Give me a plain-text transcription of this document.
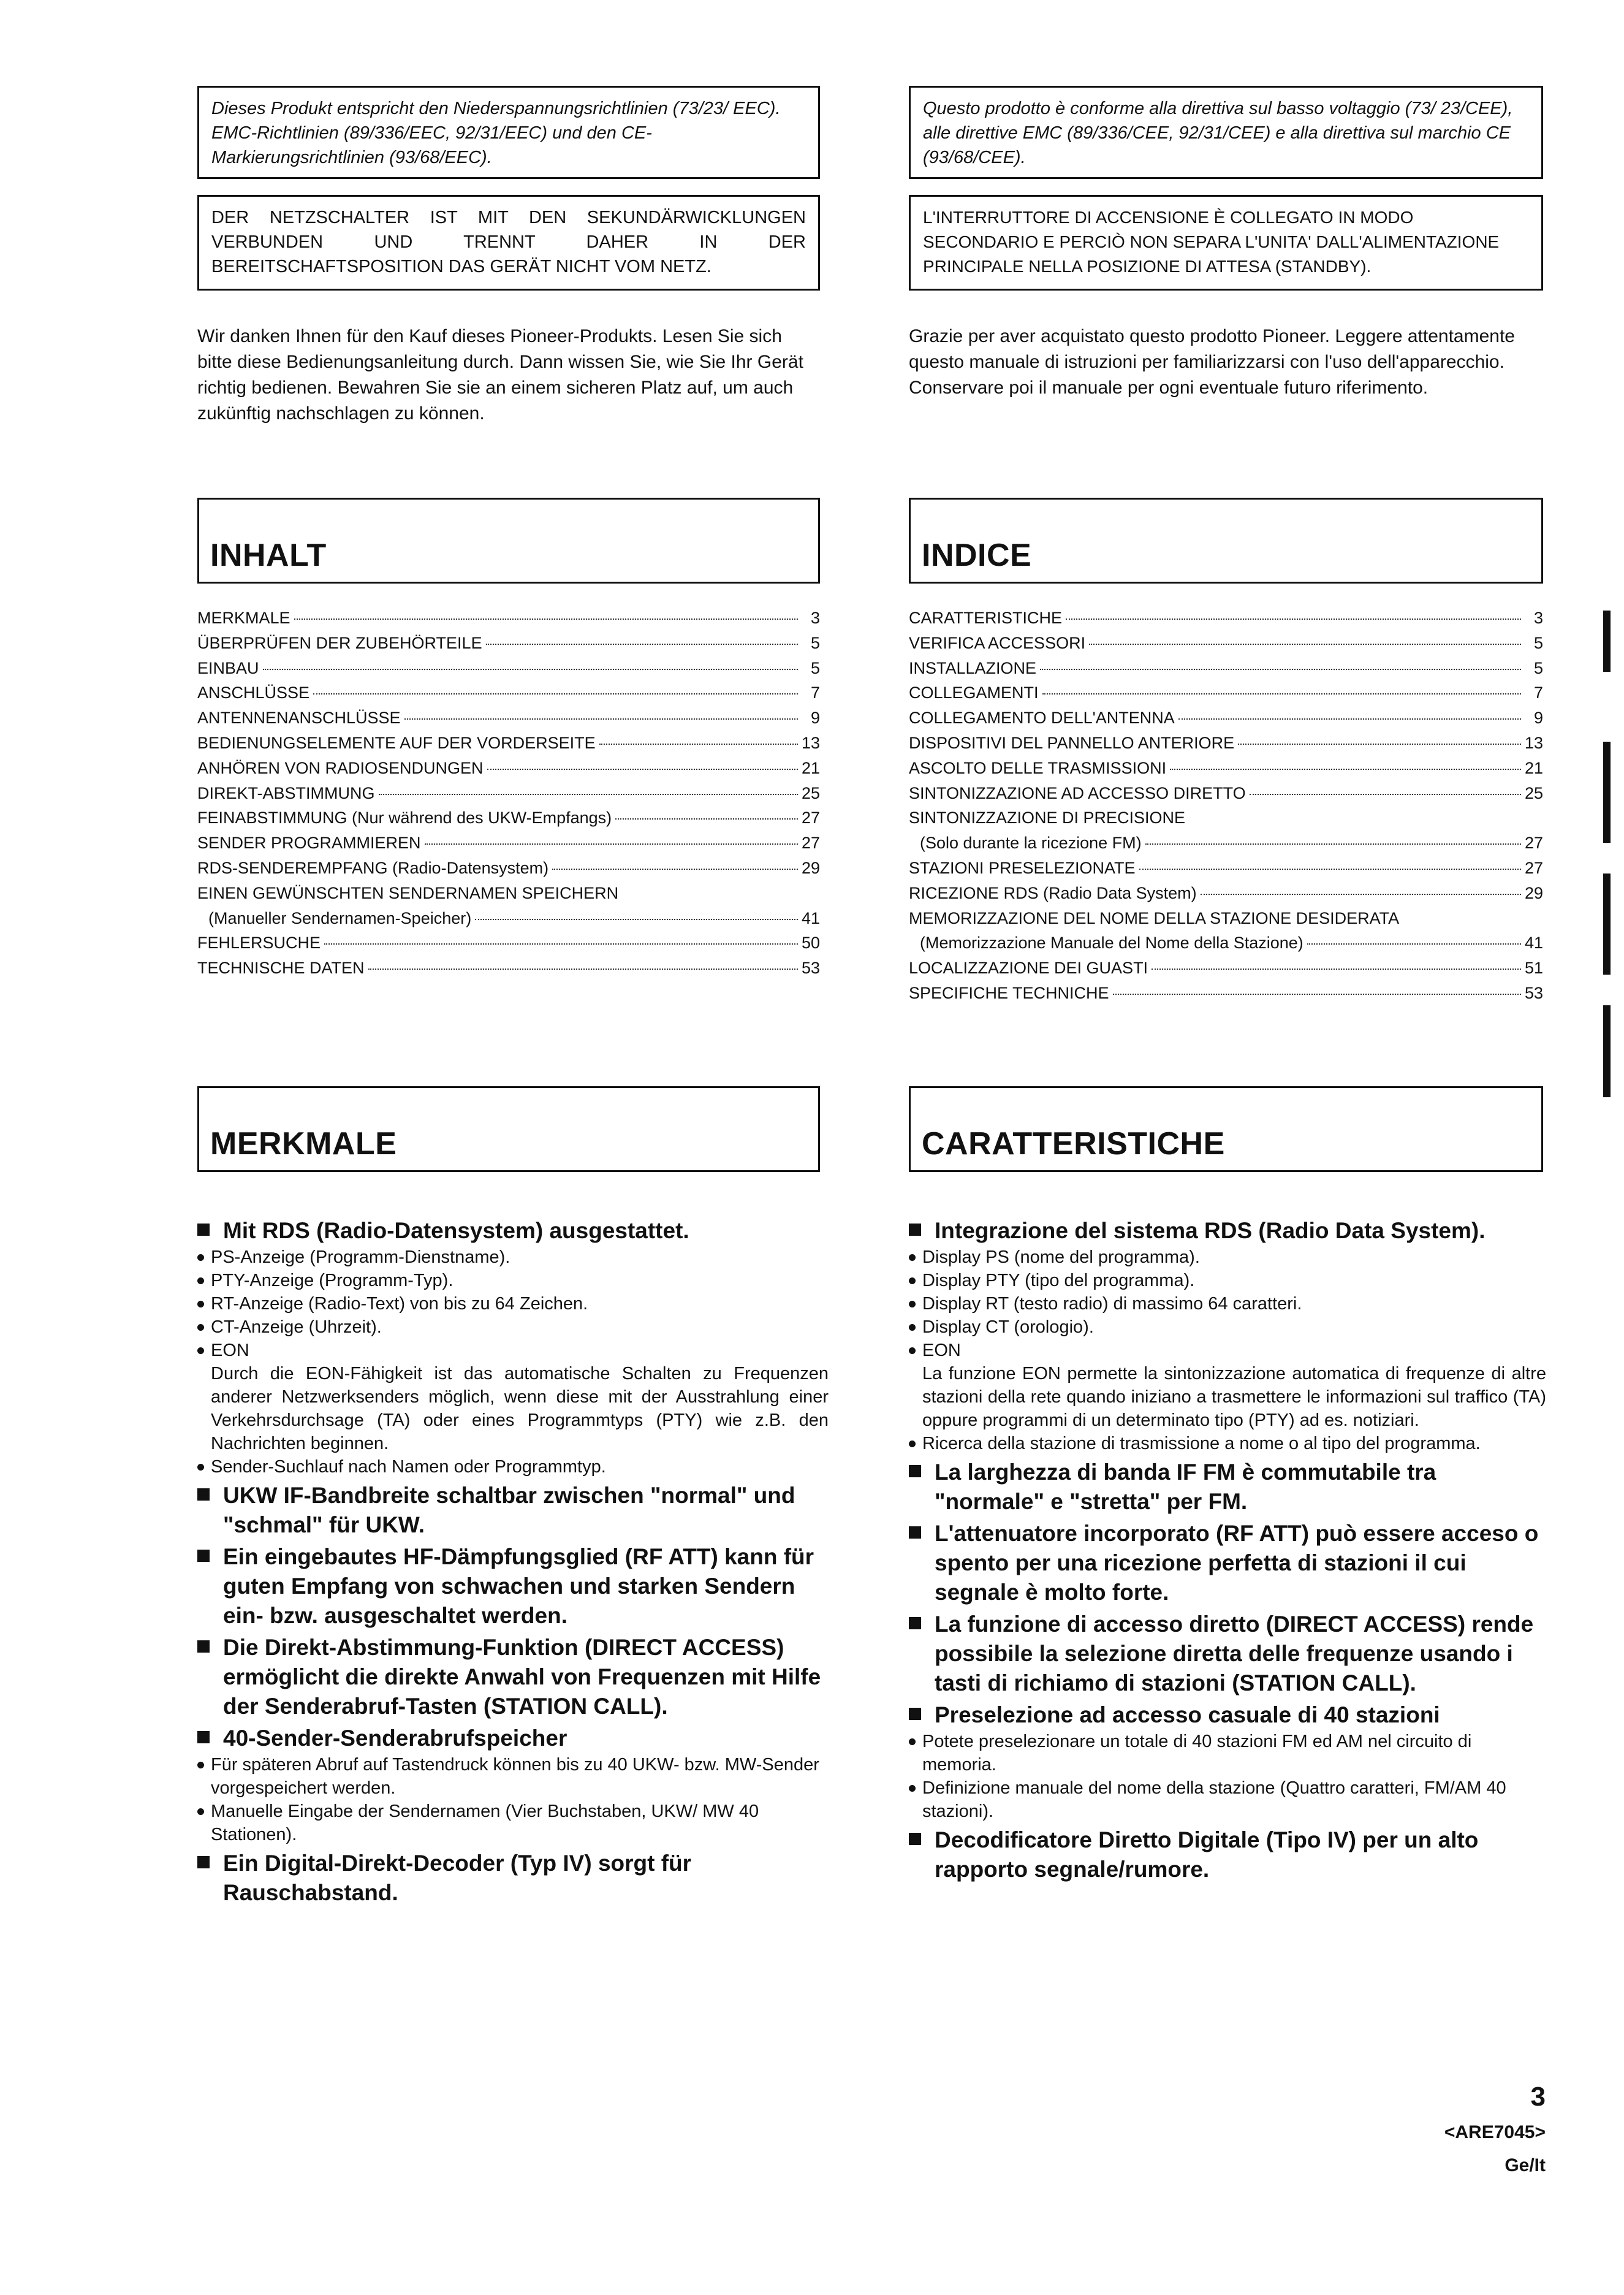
Dieses Produkt entspricht den Niederspannungsrichtlinien (73/23/ EEC). EMC-Richtlinien (89/336/EEC, 92/31/EEC) und den CE-Markierungsrichtlinien (93/68/EEC).
DER NETZSCHALTER IST MIT DEN SEKUNDÄRWICKLUNGEN VERBUNDEN UND TRENNT DAHER IN DER BEREITSCHAFTSPOSITION DAS GERÄT NICHT VOM NETZ.
Wir danken Ihnen für den Kauf dieses Pioneer-Produkts. Lesen Sie sich bitte diese Bedienungsanleitung durch. Dann wissen Sie, wie Sie Ihr Gerät richtig bedienen. Bewahren Sie sie an einem sicheren Platz auf, um auch zukünftig nachschlagen zu können.
INHALT
MERKMALE	3
ÜBERPRÜFEN DER ZUBEHÖRTEILE	5
EINBAU	5
ANSCHLÜSSE	7
ANTENNENANSCHLÜSSE	9
BEDIENUNGSELEMENTE AUF DER VORDERSEITE	13
ANHÖREN VON RADIOSENDUNGEN	21
DIREKT-ABSTIMMUNG	25
FEINABSTIMMUNG (Nur während des UKW-Empfangs)	27
SENDER PROGRAMMIEREN	27
RDS-SENDEREMPFANG (Radio-Datensystem)	29
EINEN GEWÜNSCHTEN SENDERNAMEN SPEICHERN
(Manueller Sendernamen-Speicher)	41
FEHLERSUCHE	50
TECHNISCHE DATEN	53
MERKMALE
Mit RDS (Radio-Datensystem) ausgestattet.
PS-Anzeige (Programm-Dienstname).
PTY-Anzeige (Programm-Typ).
RT-Anzeige (Radio-Text) von bis zu 64 Zeichen.
CT-Anzeige (Uhrzeit).
EON
Durch die EON-Fähigkeit ist das automatische Schalten zu Frequenzen anderer Netzwerksenders möglich, wenn diese mit der Ausstrahlung einer Verkehrsdurchsage (TA) oder eines Programmtyps (PTY) wie z.B. den Nachrichten beginnen.
Sender-Suchlauf nach Namen oder Programmtyp.
UKW IF-Bandbreite schaltbar zwischen "normal" und "schmal" für UKW.
Ein eingebautes HF-Dämpfungsglied (RF ATT) kann für guten Empfang von schwachen und starken Sendern ein- bzw. ausgeschaltet werden.
Die Direkt-Abstimmung-Funktion (DIRECT ACCESS) ermöglicht die direkte Anwahl von Frequenzen mit Hilfe der Senderabruf-Tasten (STATION CALL).
40-Sender-Senderabrufspeicher
Für späteren Abruf auf Tastendruck können bis zu 40 UKW- bzw. MW-Sender vorgespeichert werden.
Manuelle Eingabe der Sendernamen (Vier Buchstaben, UKW/ MW 40 Stationen).
Ein Digital-Direkt-Decoder (Typ IV) sorgt für Rauschabstand.
Questo prodotto è conforme alla direttiva sul basso voltaggio (73/ 23/CEE), alle direttive EMC (89/336/CEE, 92/31/CEE) e alla direttiva sul marchio CE (93/68/CEE).
L'INTERRUTTORE DI ACCENSIONE È COLLEGATO IN MODO SECONDARIO E PERCIÒ NON SEPARA L'UNITA' DALL'ALIMENTAZIONE PRINCIPALE NELLA POSIZIONE DI ATTESA (STANDBY).
Grazie per aver acquistato questo prodotto Pioneer. Leggere attentamente questo manuale di istruzioni per familiarizzarsi con l'uso dell'apparecchio. Conservare poi il manuale per ogni eventuale futuro riferimento.
INDICE
CARATTERISTICHE	3
VERIFICA ACCESSORI	5
INSTALLAZIONE	5
COLLEGAMENTI	7
COLLEGAMENTO DELL'ANTENNA	9
DISPOSITIVI DEL PANNELLO ANTERIORE	13
ASCOLTO DELLE TRASMISSIONI	21
SINTONIZZAZIONE AD ACCESSO DIRETTO	25
SINTONIZZAZIONE DI PRECISIONE
(Solo durante la ricezione FM)	27
STAZIONI PRESELEZIONATE	27
RICEZIONE RDS (Radio Data System)	29
MEMORIZZAZIONE DEL NOME DELLA STAZIONE DESIDERATA
(Memorizzazione Manuale del Nome della Stazione)	41
LOCALIZZAZIONE DEI GUASTI	51
SPECIFICHE TECHNICHE	53
CARATTERISTICHE
Integrazione del sistema RDS (Radio Data System).
Display PS (nome del programma).
Display PTY (tipo del programma).
Display RT (testo radio) di massimo 64 caratteri.
Display CT (orologio).
EON
La funzione EON permette la sintonizzazione automatica di frequenze di altre stazioni della rete quando iniziano a trasmettere le informazioni sul traffico (TA) oppure programmi di un determinato tipo (PTY) ad es. notiziari.
Ricerca della stazione di trasmissione a nome o al tipo del programma.
La larghezza di banda IF FM è commutabile tra "normale" e "stretta" per FM.
L'attenuatore incorporato (RF ATT) può essere acceso o spento per una ricezione perfetta di stazioni il cui segnale è molto forte.
La funzione di accesso diretto (DIRECT ACCESS) rende possibile la selezione diretta delle frequenze usando i tasti di richiamo di stazioni (STATION CALL).
Preselezione ad accesso casuale di 40 stazioni
Potete preselezionare un totale di 40 stazioni FM ed AM nel circuito di memoria.
Definizione manuale del nome della stazione (Quattro caratteri, FM/AM 40 stazioni).
Decodificatore Diretto Digitale (Tipo IV) per un alto rapporto segnale/rumore.
3
<ARE7045>
Ge/It
